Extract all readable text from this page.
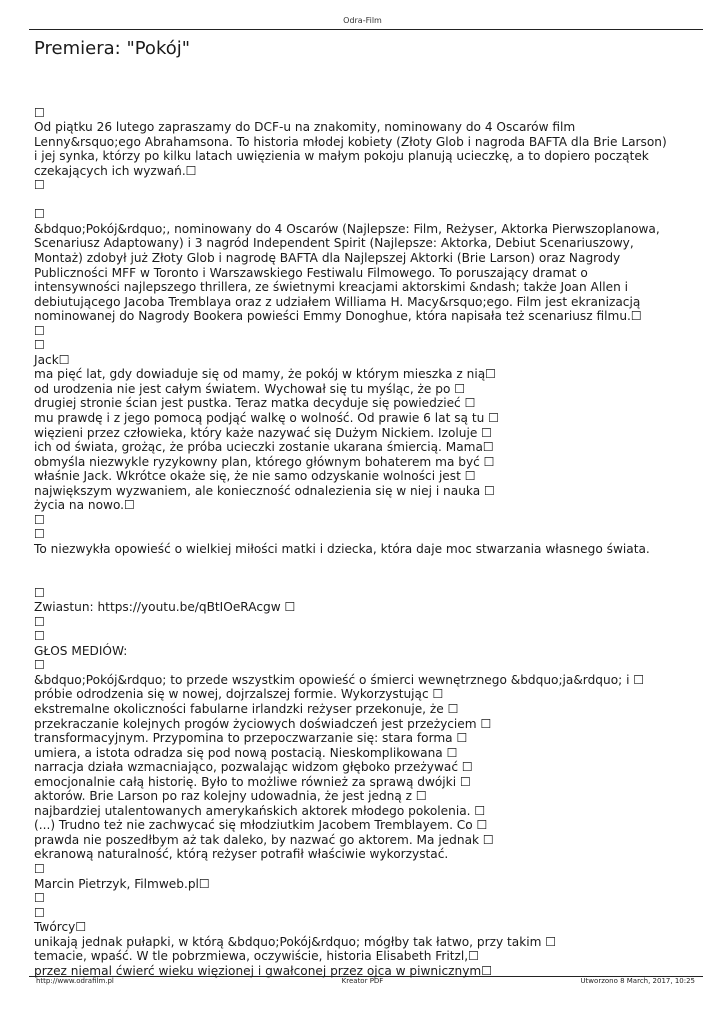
Odra-Film
Premiera: "Pokój"
☐
Od piątku 26 lutego zapraszamy do DCF-u na znakomity, nominowany do 4 Oscarów film
Lenny&rsquo;ego Abrahamsona. To historia młodej kobiety (Złoty Glob i nagroda BAFTA dla Brie Larson)
i jej synka, którzy po kilku latach uwięzienia w małym pokoju planują ucieczkę, a to dopiero początek
czekających ich wyzwań.☐
☐
☐
&bdquo;Pokój&rdquo;, nominowany do 4 Oscarów (Najlepsze: Film, Reżyser, Aktorka Pierwszoplanowa,
Scenariusz Adaptowany) i 3 nagród Independent Spirit (Najlepsze: Aktorka, Debiut Scenariuszowy,
Montaż) zdobył już Złoty Glob i nagrodę BAFTA dla Najlepszej Aktorki (Brie Larson) oraz Nagrody
Publiczności MFF w Toronto i Warszawskiego Festiwalu Filmowego. To poruszający dramat o
intensywności najlepszego thrillera, ze świetnymi kreacjami aktorskimi &ndash; także Joan Allen i
debiutującego Jacoba Tremblaya oraz z udziałem Williama H. Macy&rsquo;ego. Film jest ekranizacją
nominowanej do Nagrody Bookera powieści Emmy Donoghue, która napisała też scenariusz filmu.☐
☐
☐
Jack☐
ma pięć lat, gdy dowiaduje się od mamy, że pokój w którym mieszka z nią☐
od urodzenia nie jest całym światem. Wychował się tu myśląc, że po ☐
drugiej stronie ścian jest pustka. Teraz matka decyduje się powiedzieć ☐
mu prawdę i z jego pomocą podjąć walkę o wolność. Od prawie 6 lat są tu ☐
więzieni przez człowieka, który każe nazywać się Dużym Nickiem. Izoluje ☐
ich od świata, grożąc, że próba ucieczki zostanie ukarana śmiercią. Mama☐
obmyśla niezwykle ryzykowny plan, którego głównym bohaterem ma być ☐
właśnie Jack. Wkrótce okaże się, że nie samo odzyskanie wolności jest ☐
największym wyzwaniem, ale konieczność odnalezienia się w niej i nauka ☐
życia na nowo.☐
☐
☐
To niezwykła opowieść o wielkiej miłości matki i dziecka, która daje moc stwarzania własnego świata.
☐
Zwiastun: https://youtu.be/qBtIOeRAcgw ☐
☐
☐
GŁOS MEDIÓW:
☐
&bdquo;Pokój&rdquo; to przede wszystkim opowieść o śmierci wewnętrznego &bdquo;ja&rdquo; i ☐
próbie odrodzenia się w nowej, dojrzalszej formie. Wykorzystując ☐
ekstremalne okoliczności fabularne irlandzki reżyser przekonuje, że ☐
przekraczanie kolejnych progów życiowych doświadczeń jest przeżyciem ☐
transformacyjnym. Przypomina to przepoczwarzanie się: stara forma ☐
umiera, a istota odradza się pod nową postacią. Nieskomplikowana ☐
narracja działa wzmacniająco, pozwalając widzom głęboko przeżywać ☐
emocjonalnie całą historię. Było to możliwe również za sprawą dwójki ☐
aktorów. Brie Larson po raz kolejny udowadnia, że jest jedną z ☐
najbardziej utalentowanych amerykańskich aktorek młodego pokolenia. ☐
(...) Trudno też nie zachwycać się młodziutkim Jacobem Tremblayem. Co ☐
prawda nie poszedłbym aż tak daleko, by nazwać go aktorem. Ma jednak ☐
ekranową naturalność, którą reżyser potrafił właściwie wykorzystać.
☐
Marcin Pietrzyk, Filmweb.pl☐
☐
☐
Twórcy☐
unikają jednak pułapki, w którą &bdquo;Pokój&rdquo; mógłby tak łatwo, przy takim ☐
temacie, wpaść. W tle pobrzmiewa, oczywiście, historia Elisabeth Fritzl,☐
przez niemal ćwierć wieku więzionej i gwałconej przez ojca w piwnicznym☐
http://www.odrafilm.pl	Kreator PDF	Utworzono 8 March, 2017, 10:25
